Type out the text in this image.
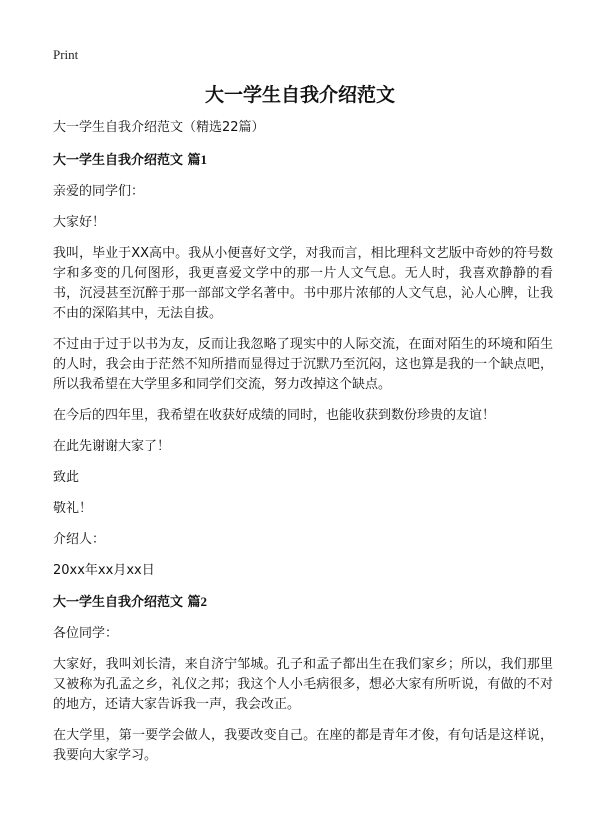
Print
大一学生自我介绍范文

大一学生自我介绍范文（精选22篇）

大一学生自我介绍范文 篇1

亲爱的同学们：

大家好！

我叫，毕业于XX高中。我从小便喜好文学，对我而言，相比理科文艺版中奇妙的符号数字和多变的几何图形，我更喜爱文学中的那一片人文气息。无人时，我喜欢静静的看书，沉浸甚至沉醉于那一部部文学名著中。书中那片浓郁的人文气息，沁人心脾，让我不由的深陷其中，无法自拔。

不过由于过于以书为友，反而让我忽略了现实中的人际交流，在面对陌生的环境和陌生的人时，我会由于茫然不知所措而显得过于沉默乃至沉闷，这也算是我的一个缺点吧，所以我希望在大学里多和同学们交流，努力改掉这个缺点。

在今后的四年里，我希望在收获好成绩的同时，也能收获到数份珍贵的友谊！

在此先谢谢大家了！

致此

敬礼！

介绍人：

20xx年xx月xx日

大一学生自我介绍范文 篇2

各位同学：

大家好，我叫刘长清，来自济宁邹城。孔子和孟子都出生在我们家乡；所以，我们那里又被称为孔孟之乡，礼仪之邦；我这个人小毛病很多，想必大家有所听说，有做的不对的地方，还请大家告诉我一声，我会改正。

在大学里，第一要学会做人，我要改变自己。在座的都是青年才俊，有句话是这样说，我要向大家学习。
